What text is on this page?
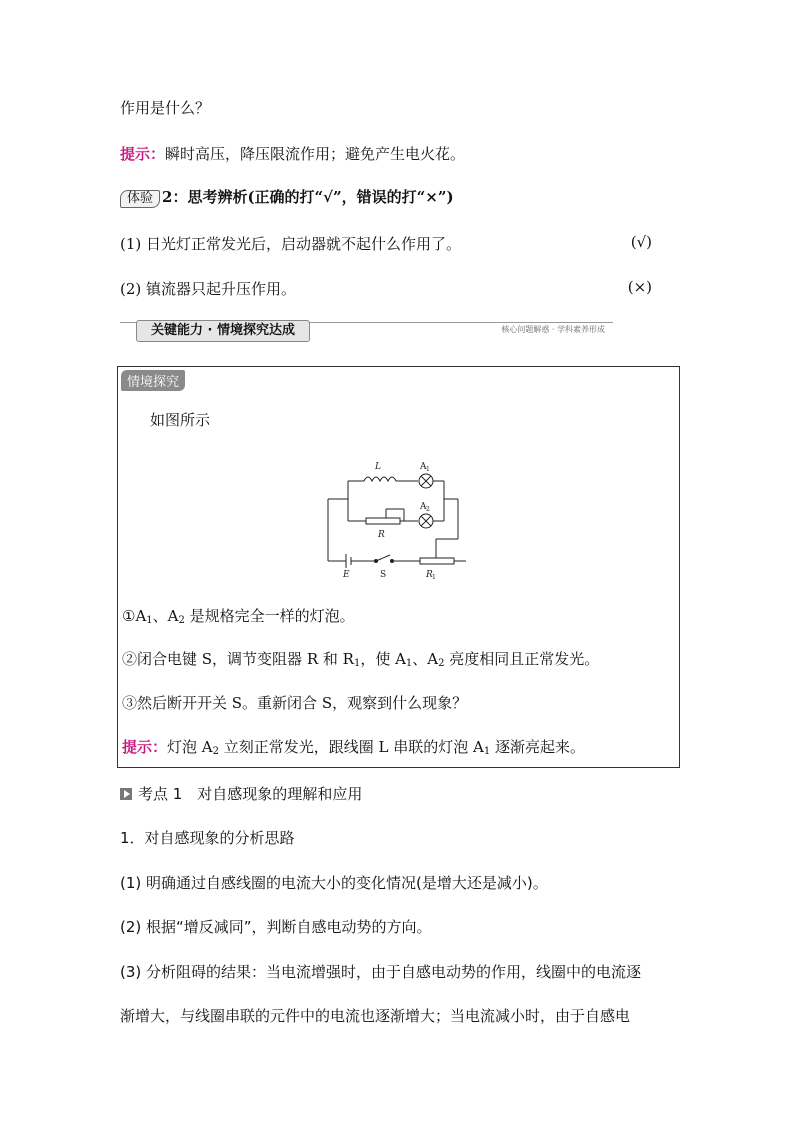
作用是什么？
提示：瞬时高压，降压限流作用；避免产生电火花。
体验 2：思考辨析(正确的打“√”，错误的打“×”)
(1) 日光灯正常发光后，启动器就不起什么作用了。	(√)
(2) 镇流器只起升压作用。	(×)
关键能力 · 情境探究达成	核心问题解惑 · 学科素养形成
情境探究
如图所示
L	A 1
A 2
R
E	S	R 1
$①A_1$、$A_2$ 是规格完全一样的灯泡。
②闭合电键 S，调节变阻器 R 和 $R_1$，使 $A_1$、$A_2$ 亮度相同且正常发光。
③然后断开开关 S。重新闭合 S，观察到什么现象？
提示：灯泡 $A_2$ 立刻正常发光，跟线圈 L 串联的灯泡 $A_1$ 逐渐亮起来。
考点 1　对自感现象的理解和应用
1．对自感现象的分析思路
(1) 明确通过自感线圈的电流大小的变化情况(是增大还是减小)。
(2) 根据“增反减同”，判断自感电动势的方向。
(3) 分析阻碍的结果：当电流增强时，由于自感电动势的作用，线圈中的电流逐
渐增大，与线圈串联的元件中的电流也逐渐增大；当电流减小时，由于自感电
